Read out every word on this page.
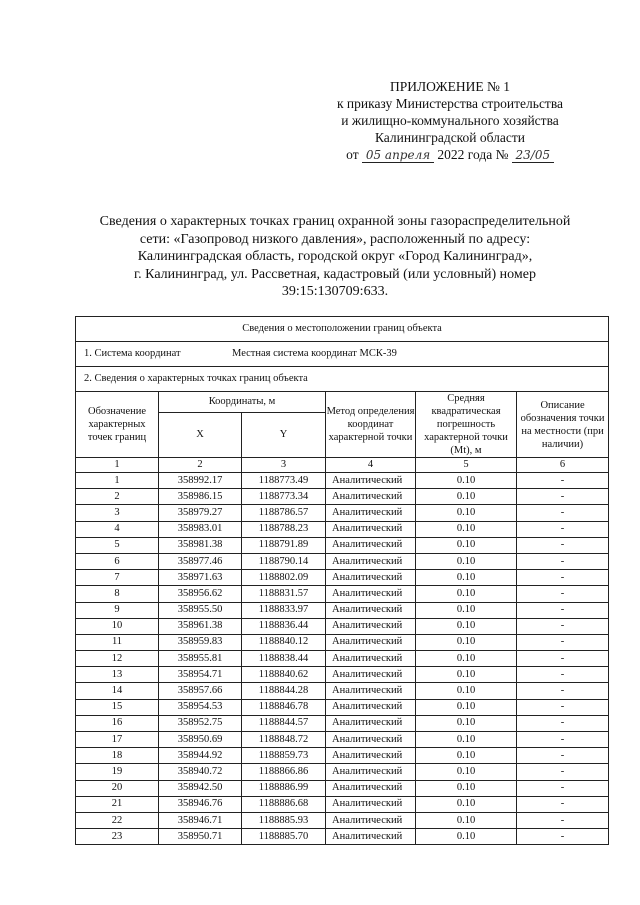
ПРИЛОЖЕНИЕ № 1
к приказу Министерства строительства
и жилищно-коммунального хозяйства
Калининградской области
от 05 апреля 2022 года № 23/05
Сведения о характерных точках границ охранной зоны газораспределительной
сети: «Газопровод низкого давления», расположенный по адресу:
Калининградская область, городской округ «Город Калининград»,
г. Калининград, ул. Рассветная, кадастровый (или условный) номер
39:15:130709:633.
Сведения о местоположении границ объекта					
1. Система координат Местная система координат МСК-39					
2. Сведения о характерных точках границ объекта					
Обозначение характерных точек границ	Координаты, м		Метод определения координат характерной точки	Средняя квадратическая погрешность характерной точки (Mt), м	Описание обозначения точки на местности (при наличии)
	X	Y			
1	2	3	4	5	6
1	358992.17	1188773.49	Аналитический	0.10	-
2	358986.15	1188773.34	Аналитический	0.10	-
3	358979.27	1188786.57	Аналитический	0.10	-
4	358983.01	1188788.23	Аналитический	0.10	-
5	358981.38	1188791.89	Аналитический	0.10	-
6	358977.46	1188790.14	Аналитический	0.10	-
7	358971.63	1188802.09	Аналитический	0.10	-
8	358956.62	1188831.57	Аналитический	0.10	-
9	358955.50	1188833.97	Аналитический	0.10	-
10	358961.38	1188836.44	Аналитический	0.10	-
11	358959.83	1188840.12	Аналитический	0.10	-
12	358955.81	1188838.44	Аналитический	0.10	-
13	358954.71	1188840.62	Аналитический	0.10	-
14	358957.66	1188844.28	Аналитический	0.10	-
15	358954.53	1188846.78	Аналитический	0.10	-
16	358952.75	1188844.57	Аналитический	0.10	-
17	358950.69	1188848.72	Аналитический	0.10	-
18	358944.92	1188859.73	Аналитический	0.10	-
19	358940.72	1188866.86	Аналитический	0.10	-
20	358942.50	1188886.99	Аналитический	0.10	-
21	358946.76	1188886.68	Аналитический	0.10	-
22	358946.71	1188885.93	Аналитический	0.10	-
23	358950.71	1188885.70	Аналитический	0.10	-
